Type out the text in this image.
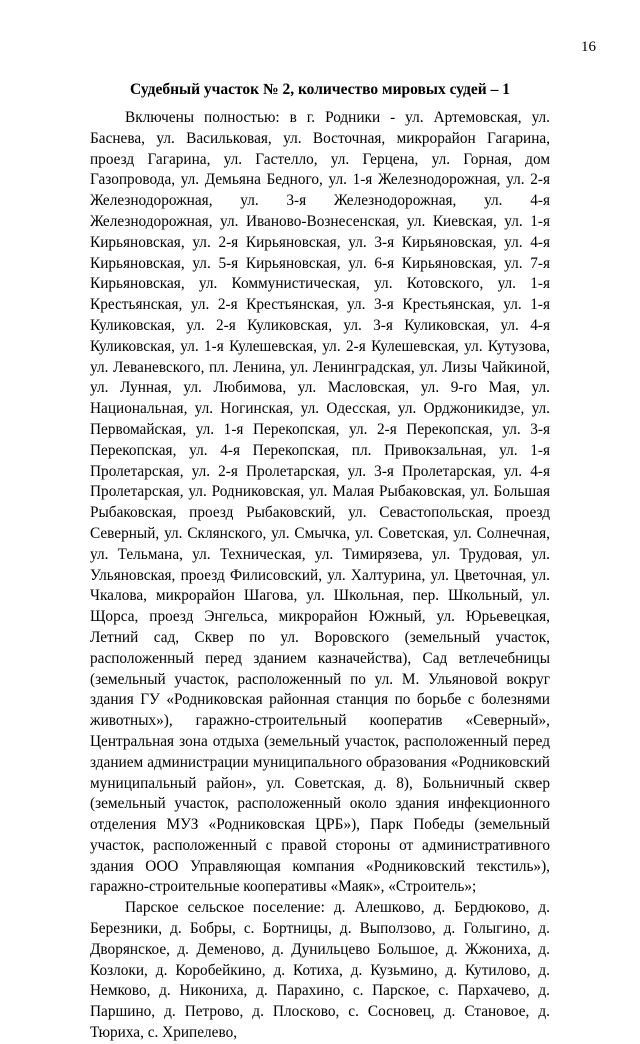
16
Судебный участок № 2, количество мировых судей – 1

Включены полностью: в г. Родники - ул. Артемовская, ул. Баснева, ул. Васильковая, ул. Восточная, микрорайон Гагарина, проезд Гагарина, ул. Гастелло, ул. Герцена, ул. Горная, дом Газопровода, ул. Демьяна Бедного, ул. 1-я Железнодорожная, ул. 2-я Железнодорожная, ул. 3-я Железнодорожная, ул. 4-я Железнодорожная, ул. Иваново-Вознесенская, ул. Киевская, ул. 1-я Кирьяновская, ул. 2-я Кирьяновская, ул. 3-я Кирьяновская, ул. 4-я Кирьяновская, ул. 5-я Кирьяновская, ул. 6-я Кирьяновская, ул. 7-я Кирьяновская, ул. Коммунистическая, ул. Котовского, ул. 1-я Крестьянская, ул. 2-я Крестьянская, ул. 3-я Крестьянская, ул. 1-я Куликовская, ул. 2-я Куликовская, ул. 3-я Куликовская, ул. 4-я Куликовская, ул. 1-я Кулешевская, ул. 2-я Кулешевская, ул. Кутузова, ул. Леваневского, пл. Ленина, ул. Ленинградская, ул. Лизы Чайкиной, ул. Лунная, ул. Любимова, ул. Масловская, ул. 9-го Мая, ул. Национальная, ул. Ногинская, ул. Одесская, ул. Орджоникидзе, ул. Первомайская, ул. 1-я Перекопская, ул. 2-я Перекопская, ул. 3-я Перекопская, ул. 4-я Перекопская, пл. Привокзальная, ул. 1-я Пролетарская, ул. 2-я Пролетарская, ул. 3-я Пролетарская, ул. 4-я Пролетарская, ул. Родниковская, ул. Малая Рыбаковская, ул. Большая Рыбаковская, проезд Рыбаковский, ул. Севастопольская, проезд Северный, ул. Склянского, ул. Смычка, ул. Советская, ул. Солнечная, ул. Тельмана, ул. Техническая, ул. Тимирязева, ул. Трудовая, ул. Ульяновская, проезд Филисовский, ул. Халтурина, ул. Цветочная, ул. Чкалова, микрорайон Шагова, ул. Школьная, пер. Школьный, ул. Щорса, проезд Энгельса, микрорайон Южный, ул. Юрьевецкая, Летний сад, Сквер по ул. Воровского (земельный участок, расположенный перед зданием казначейства), Сад ветлечебницы (земельный участок, расположенный по ул. М. Ульяновой вокруг здания ГУ «Родниковская районная станция по борьбе с болезнями животных»), гаражно-строительный кооператив «Северный», Центральная зона отдыха (земельный участок, расположенный перед зданием администрации муниципального образования «Родниковский муниципальный район», ул. Советская, д. 8), Больничный сквер (земельный участок, расположенный около здания инфекционного отделения МУЗ «Родниковская ЦРБ»), Парк Победы (земельный участок, расположенный с правой стороны от административного здания ООО Управляющая компания «Родниковский текстиль»), гаражно-строительные кооперативы «Маяк», «Строитель»;

Парское сельское поселение: д. Алешково, д. Бердюково, д. Березники, д. Бобры, с. Бортницы, д. Выползово, д. Голыгино, д. Дворянское, д. Деменово, д. Дунильцево Большое, д. Жжониха, д. Козлоки, д. Коробейкино, д. Котиха, д. Кузьмино, д. Кутилово, д. Немково, д. Никониха, д. Парахино, с. Парское, с. Пархачево, д. Паршино, д. Петрово, д. Плосково, с. Сосновец, д. Становое, д. Тюриха, с. Хрипелево,
